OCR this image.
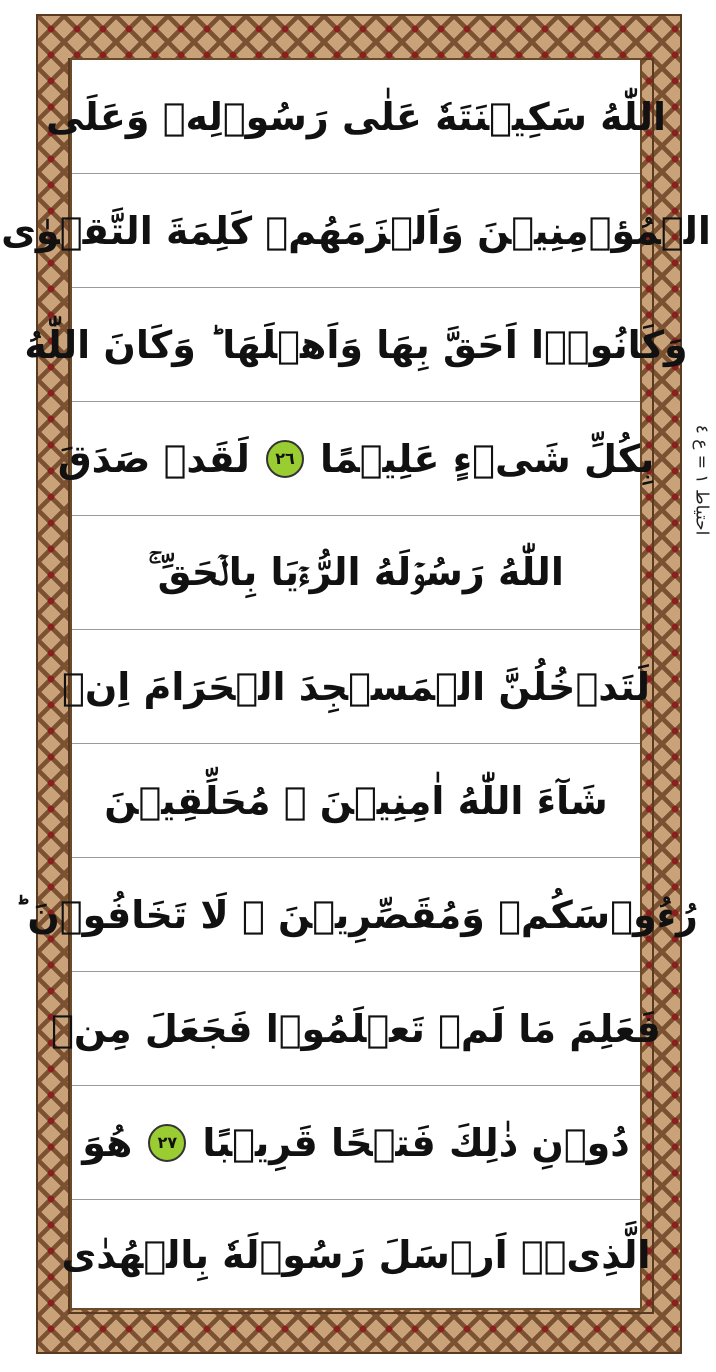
اللّٰهُ سَكِيۡنَتَهٗ عَلٰى رَسُوۡلِهٖ وَعَلَى
الۡمُؤۡمِنِيۡنَ وَاَلۡزَمَهُمۡ كَلِمَةَ التَّقۡوٰى
وَكَانُوۡۤا اَحَقَّ بِهَا وَاَهۡلَهَا ؕ وَكَانَ اللّٰهُ
بِكُلِّ شَىۡءٍ عَلِيۡمًا
٢٦
لَقَدۡ صَدَقَ
اللّٰهُ رَسُوۡلَهُ الرُّءۡيَا بِالۡحَقِّ ۚ
لَتَدۡخُلُنَّ الۡمَسۡجِدَ الۡحَرَامَ اِنۡ
شَآءَ اللّٰهُ اٰمِنِيۡنَ ۙ مُحَلِّقِيۡنَ
رُءُوۡسَكُمۡ وَمُقَصِّرِيۡنَ ۙ لَا تَخَافُوۡنَ ؕ
فَعَلِمَ مَا لَمۡ تَعۡلَمُوۡا فَجَعَلَ مِنۡ
دُوۡنِ ذٰلِكَ فَتۡحًا قَرِيۡبًا
٢٧
هُوَ
الَّذِىۡۤ اَرۡسَلَ رَسُوۡلَهٗ بِالۡهُدٰى
احتیاط ۱ = ع ٤
